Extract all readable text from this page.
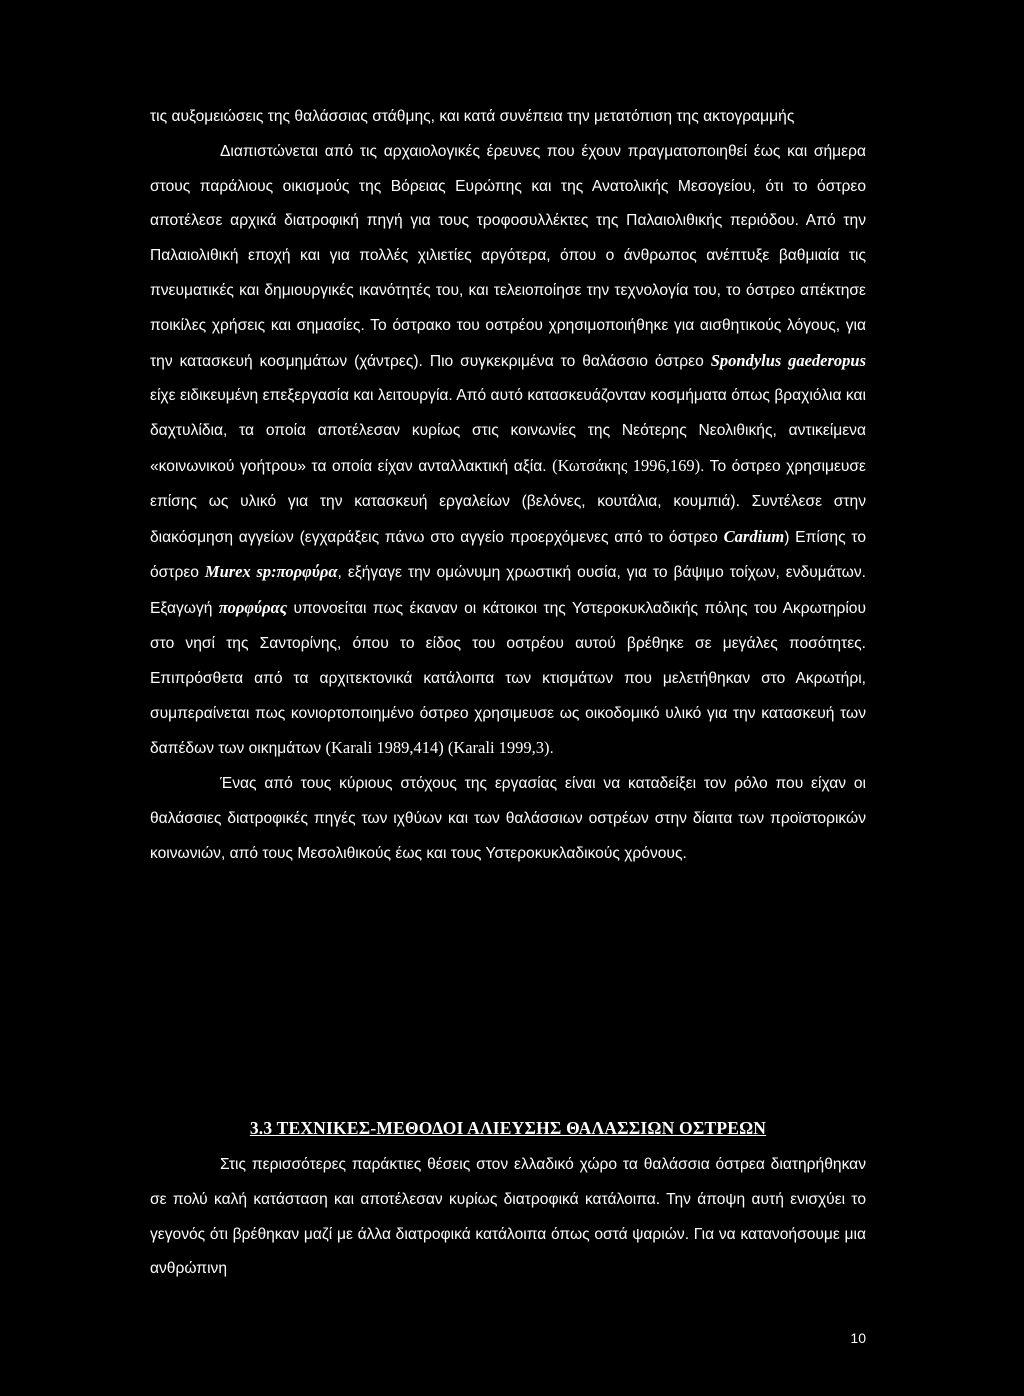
τις αυξομειώσεις της θαλάσσιας στάθμης, και κατά συνέπεια την μετατόπιση της ακτογραμμής

Διαπιστώνεται από τις αρχαιολογικές έρευνες που έχουν πραγματοποιηθεί έως και σήμερα στους παράλιους οικισμούς της Βόρειας Ευρώπης και της Ανατολικής Μεσογείου, ότι το όστρεο αποτέλεσε αρχικά διατροφική πηγή για τους τροφοσυλλέκτες της Παλαιολιθικής περιόδου. Από την Παλαιολιθική εποχή και για πολλές χιλιετίες αργότερα, όπου ο άνθρωπος ανέπτυξε βαθμιαία τις πνευματικές και δημιουργικές ικανότητές του, και τελειοποίησε την τεχνολογία του, το όστρεο απέκτησε ποικίλες χρήσεις και σημασίες. Το όστρακο του οστρέου χρησιμοποιήθηκε για αισθητικούς λόγους, για την κατασκευή κοσμημάτων (χάντρες). Πιο συγκεκριμένα το θαλάσσιο όστρεο Spondylus gaederopus είχε ειδικευμένη επεξεργασία και λειτουργία. Από αυτό κατασκευάζονταν κοσμήματα όπως βραχιόλια και δαχτυλίδια, τα οποία αποτέλεσαν κυρίως στις κοινωνίες της Νεότερης Νεολιθικής, αντικείμενα «κοινωνικού γοήτρου» τα οποία είχαν ανταλλακτική αξία. (Κωτσάκης 1996,169). Το όστρεο χρησιμευσε επίσης ως υλικό για την κατασκευή εργαλείων (βελόνες, κουτάλια, κουμπιά). Συντέλεσε στην διακόσμηση αγγείων (εγχαράξεις πάνω στο αγγείο προερχόμενες από το όστρεο Cardium) Επίσης το όστρεο Murex sp:πορφύρα, εξήγαγε την ομώνυμη χρωστική ουσία, για το βάψιμο τοίχων, ενδυμάτων. Εξαγωγή πορφύρας υπονοείται πως έκαναν οι κάτοικοι της Υστεροκυκλαδικής πόλης του Ακρωτηρίου στο νησί της Σαντορίνης, όπου το είδος του οστρέου αυτού βρέθηκε σε μεγάλες ποσότητες. Επιπρόσθετα από τα αρχιτεκτονικά κατάλοιπα των κτισμάτων που μελετήθηκαν στο Ακρωτήρι, συμπεραίνεται πως κονιορτοποιημένο όστρεο χρησιμευσε ως οικοδομικό υλικό για την κατασκευή των δαπέδων των οικημάτων (Karali 1989,414) (Karali 1999,3).

Ένας από τους κύριους στόχους της εργασίας είναι να καταδείξει τον ρόλο που είχαν οι θαλάσσιες διατροφικές πηγές των ιχθύων και των θαλάσσιων οστρέων στην δίαιτα των προϊστορικών κοινωνιών, από τους Μεσολιθικούς έως και τους Υστεροκυκλαδικούς χρόνους.

3.3 ΤΕΧΝΙΚΕΣ-ΜΕΘΟΔΟΙ ΑΛΙΕΥΣΗΣ ΘΑΛΑΣΣΙΩΝ ΟΣΤΡΕΩΝ

Στις περισσότερες παράκτιες θέσεις στον ελλαδικό χώρο τα θαλάσσια όστρεα διατηρήθηκαν σε πολύ καλή κατάσταση και αποτέλεσαν κυρίως διατροφικά κατάλοιπα. Την άποψη αυτή ενισχύει το γεγονός ότι βρέθηκαν μαζί με άλλα διατροφικά κατάλοιπα όπως οστά ψαριών. Για να κατανοήσουμε μια ανθρώπινη

10
